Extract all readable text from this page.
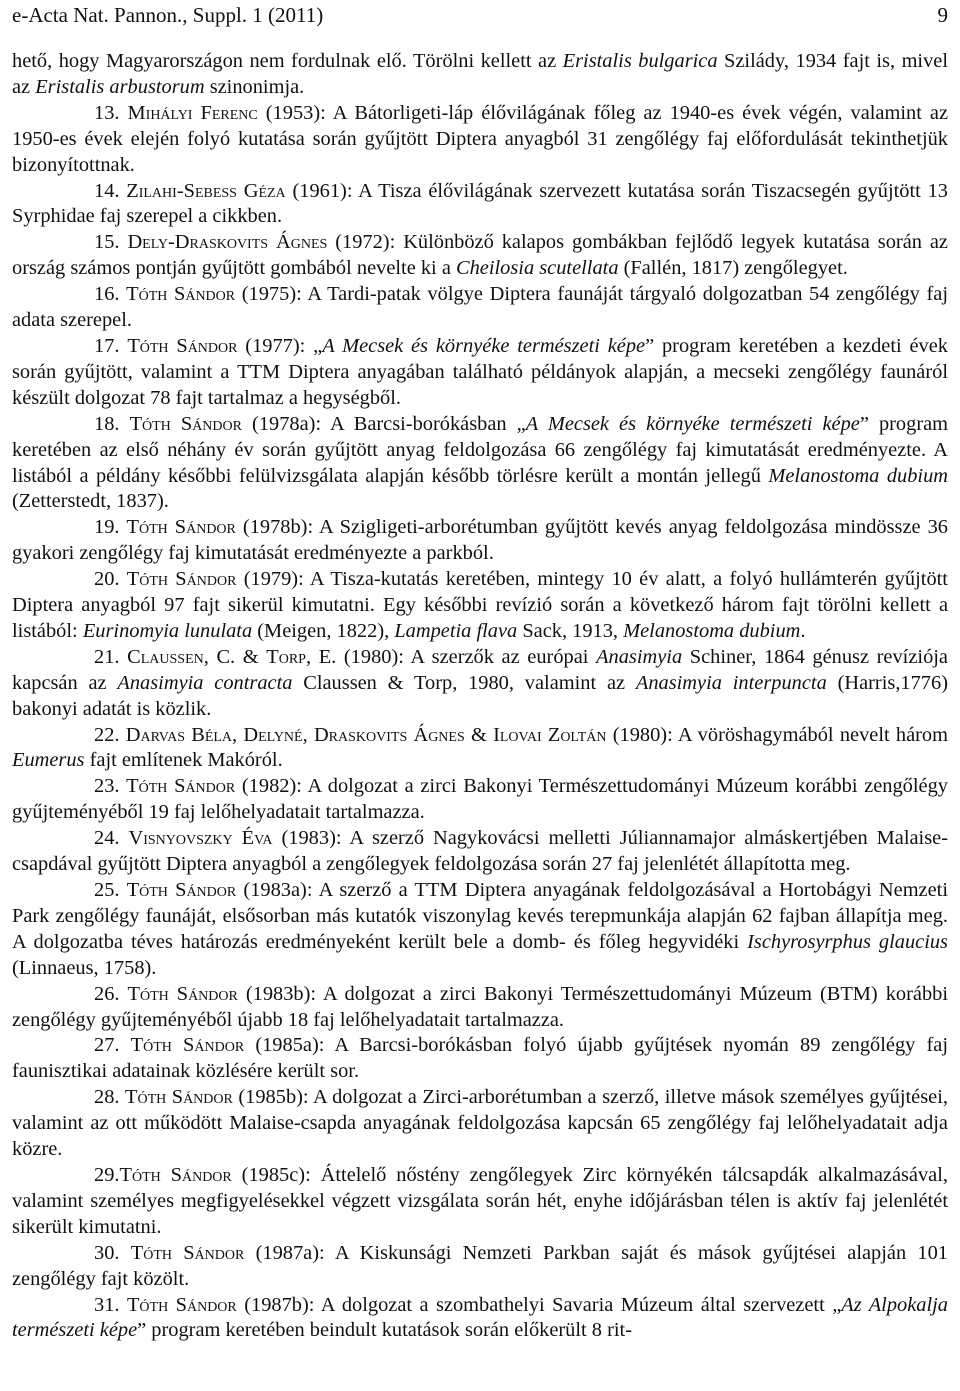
e-Acta Nat. Pannon., Suppl. 1 (2011)	9

hető, hogy Magyarországon nem fordulnak elő. Törölni kellett az Eristalis bulgarica Szilády, 1934 fajt is, mivel az Eristalis arbustorum szinonimja.

13. Mihályi Ferenc (1953): A Bátorligeti-láp élővilágának főleg az 1940-es évek végén, valamint az 1950-es évek elején folyó kutatása során gyűjtött Diptera anyagból 31 zengőlégy faj előfordulását tekinthetjük bizonyítottnak.

14. Zilahi-Sebess Géza (1961): A Tisza élővilágának szervezett kutatása során Tiszacsegén gyűjtött 13 Syrphidae faj szerepel a cikkben.

15. Dely-Draskovits Ágnes (1972): Különböző kalapos gombákban fejlődő legyek kutatása során az ország számos pontján gyűjtött gombából nevelte ki a Cheilosia scutellata (Fallén, 1817) zengőlegyet.

16. Tóth Sándor (1975): A Tardi-patak völgye Diptera faunáját tárgyaló dolgozatban 54 zengőlégy faj adata szerepel.

17. Tóth Sándor (1977): „A Mecsek és környéke természeti képe” program keretében a kezdeti évek során gyűjtött, valamint a TTM Diptera anyagában található példányok alapján, a mecseki zengőlégy faunáról készült dolgozat 78 fajt tartalmaz a hegységből.

18. Tóth Sándor (1978a): A Barcsi-borókásban „A Mecsek és környéke természeti képe” program keretében az első néhány év során gyűjtött anyag feldolgozása 66 zengőlégy faj kimutatását eredményezte. A listából a példány későbbi felülvizsgálata alapján később törlésre került a montán jellegű Melanostoma dubium (Zetterstedt, 1837).

19. Tóth Sándor (1978b): A Szigligeti-arborétumban gyűjtött kevés anyag feldolgozása mindössze 36 gyakori zengőlégy faj kimutatását eredményezte a parkból.

20. Tóth Sándor (1979): A Tisza-kutatás keretében, mintegy 10 év alatt, a folyó hullámterén gyűjtött Diptera anyagból 97 fajt sikerül kimutatni. Egy későbbi revízió során a következő három fajt törölni kellett a listából: Eurinomyia lunulata (Meigen, 1822), Lampetia flava Sack, 1913, Melanostoma dubium.

21. Claussen, C. & Torp, E. (1980): A szerzők az európai Anasimyia Schiner, 1864 génusz revíziója kapcsán az Anasimyia contracta Claussen & Torp, 1980, valamint az Anasimyia interpuncta (Harris,1776) bakonyi adatát is közlik.

22. Darvas Béla, Delyné, Draskovits Ágnes & Ilovai Zoltán (1980): A vöröshagymából nevelt három Eumerus fajt említenek Makóról.

23. Tóth Sándor (1982): A dolgozat a zirci Bakonyi Természettudományi Múzeum korábbi zengőlégy gyűjteményéből 19 faj lelőhelyadatait tartalmazza.

24. Visnyovszky Éva (1983): A szerző Nagykovácsi melletti Júliannamajor almáskertjében Malaise-csapdával gyűjtött Diptera anyagból a zengőlegyek feldolgozása során 27 faj jelenlétét állapította meg.

25. Tóth Sándor (1983a): A szerző a TTM Diptera anyagának feldolgozásával a Hortobágyi Nemzeti Park zengőlégy faunáját, elsősorban más kutatók viszonylag kevés terepmunkája alapján 62 fajban állapítja meg. A dolgozatba téves határozás eredményeként került bele a domb- és főleg hegyvidéki Ischyrosyrphus glaucius (Linnaeus, 1758).

26. Tóth Sándor (1983b): A dolgozat a zirci Bakonyi Természettudományi Múzeum (BTM) korábbi zengőlégy gyűjteményéből újabb 18 faj lelőhelyadatait tartalmazza.

27. Tóth Sándor (1985a): A Barcsi-borókásban folyó újabb gyűjtések nyomán 89 zengőlégy faj faunisztikai adatainak közlésére került sor.

28. Tóth Sándor (1985b): A dolgozat a Zirci-arborétumban a szerző, illetve mások személyes gyűjtései, valamint az ott működött Malaise-csapda anyagának feldolgozása kapcsán 65 zengőlégy faj lelőhelyadatait adja közre.

29.Tóth Sándor (1985c): Áttelelő nőstény zengőlegyek Zirc környékén tálcsapdák alkalmazásával, valamint személyes megfigyelésekkel végzett vizsgálata során hét, enyhe időjárásban télen is aktív faj jelenlétét sikerült kimutatni.

30. Tóth Sándor (1987a): A Kiskunsági Nemzeti Parkban saját és mások gyűjtései alapján 101 zengőlégy fajt közölt.

31. Tóth Sándor (1987b): A dolgozat a szombathelyi Savaria Múzeum által szervezett „Az Alpokalja természeti képe” program keretében beindult kutatások során előkerült 8 rit-
